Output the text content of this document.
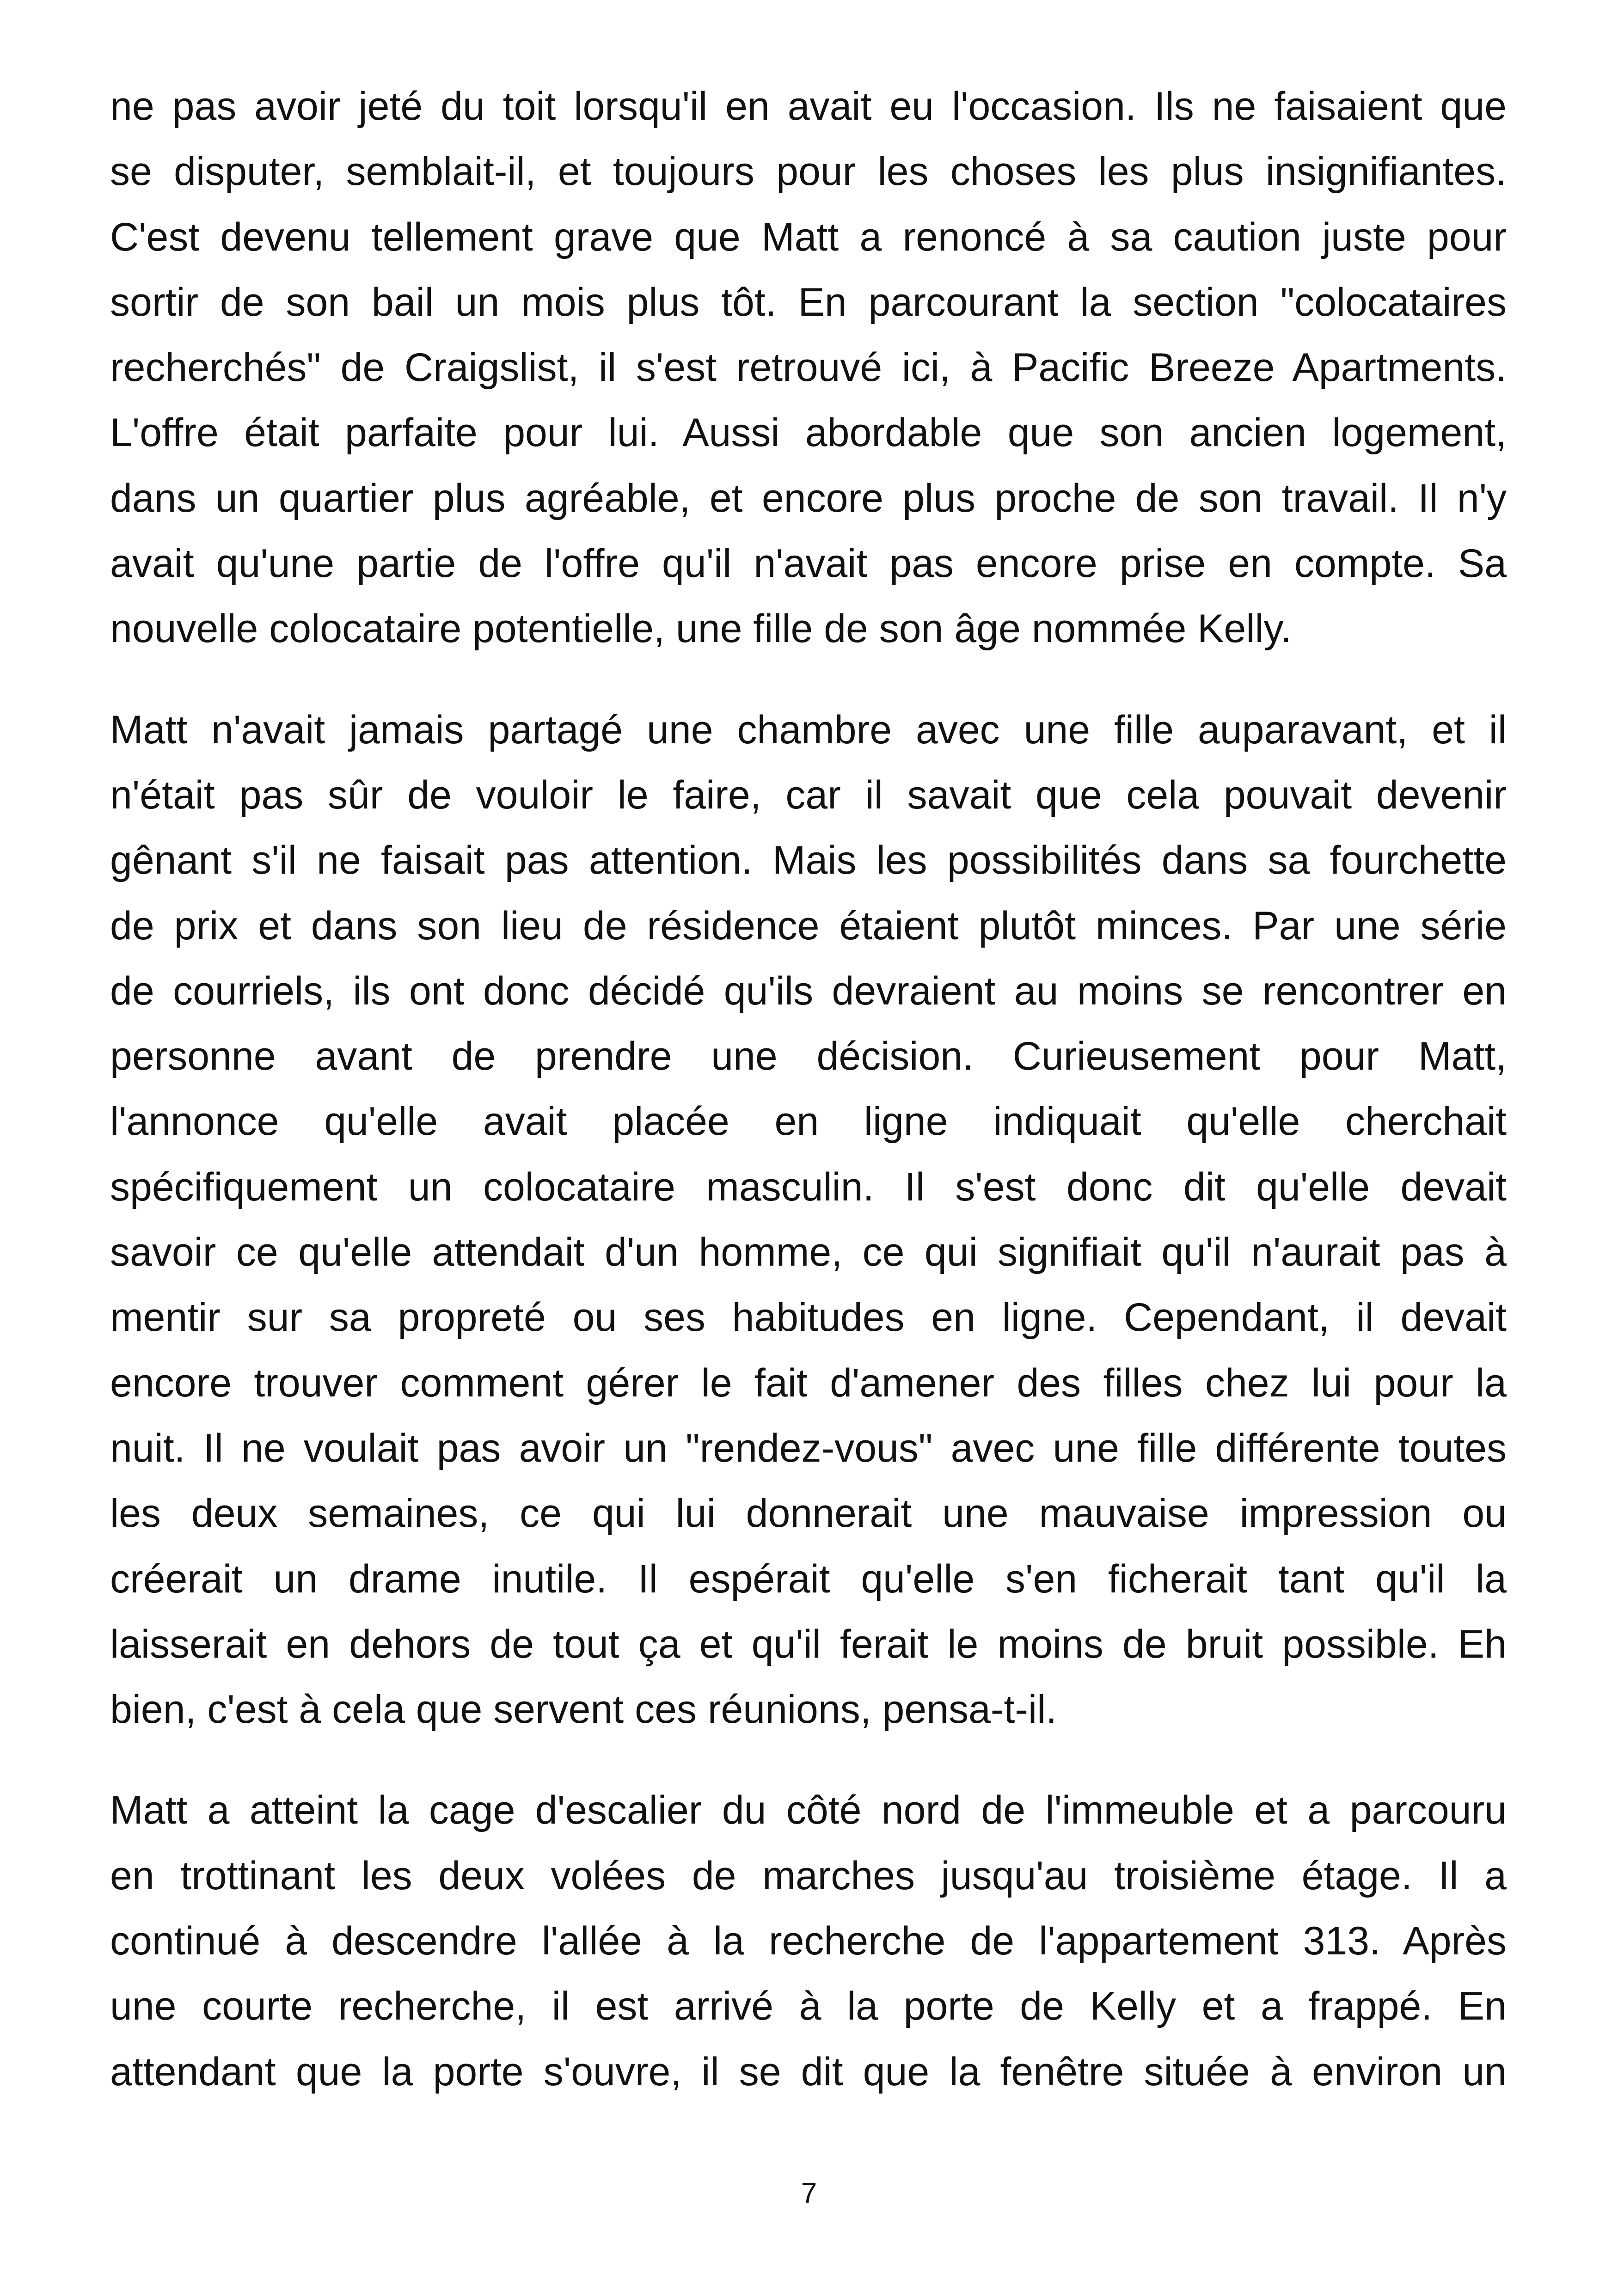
ne pas avoir jeté du toit lorsqu'il en avait eu l'occasion. Ils ne faisaient que
se disputer, semblait-il, et toujours pour les choses les plus insignifiantes.
C'est devenu tellement grave que Matt a renoncé à sa caution juste pour
sortir de son bail un mois plus tôt. En parcourant la section "colocataires
recherchés" de Craigslist, il s'est retrouvé ici, à Pacific Breeze Apartments.
L'offre était parfaite pour lui. Aussi abordable que son ancien logement,
dans un quartier plus agréable, et encore plus proche de son travail. Il n'y
avait qu'une partie de l'offre qu'il n'avait pas encore prise en compte. Sa
nouvelle colocataire potentielle, une fille de son âge nommée Kelly.
Matt n'avait jamais partagé une chambre avec une fille auparavant, et il
n'était pas sûr de vouloir le faire, car il savait que cela pouvait devenir
gênant s'il ne faisait pas attention. Mais les possibilités dans sa fourchette
de prix et dans son lieu de résidence étaient plutôt minces. Par une série
de courriels, ils ont donc décidé qu'ils devraient au moins se rencontrer en
personne avant de prendre une décision. Curieusement pour Matt,
l'annonce qu'elle avait placée en ligne indiquait qu'elle cherchait
spécifiquement un colocataire masculin. Il s'est donc dit qu'elle devait
savoir ce qu'elle attendait d'un homme, ce qui signifiait qu'il n'aurait pas à
mentir sur sa propreté ou ses habitudes en ligne. Cependant, il devait
encore trouver comment gérer le fait d'amener des filles chez lui pour la
nuit. Il ne voulait pas avoir un "rendez-vous" avec une fille différente toutes
les deux semaines, ce qui lui donnerait une mauvaise impression ou
créerait un drame inutile. Il espérait qu'elle s'en ficherait tant qu'il la
laisserait en dehors de tout ça et qu'il ferait le moins de bruit possible. Eh
bien, c'est à cela que servent ces réunions, pensa-t-il.
Matt a atteint la cage d'escalier du côté nord de l'immeuble et a parcouru
en trottinant les deux volées de marches jusqu'au troisième étage. Il a
continué à descendre l'allée à la recherche de l'appartement 313. Après
une courte recherche, il est arrivé à la porte de Kelly et a frappé. En
attendant que la porte s'ouvre, il se dit que la fenêtre située à environ un
7
